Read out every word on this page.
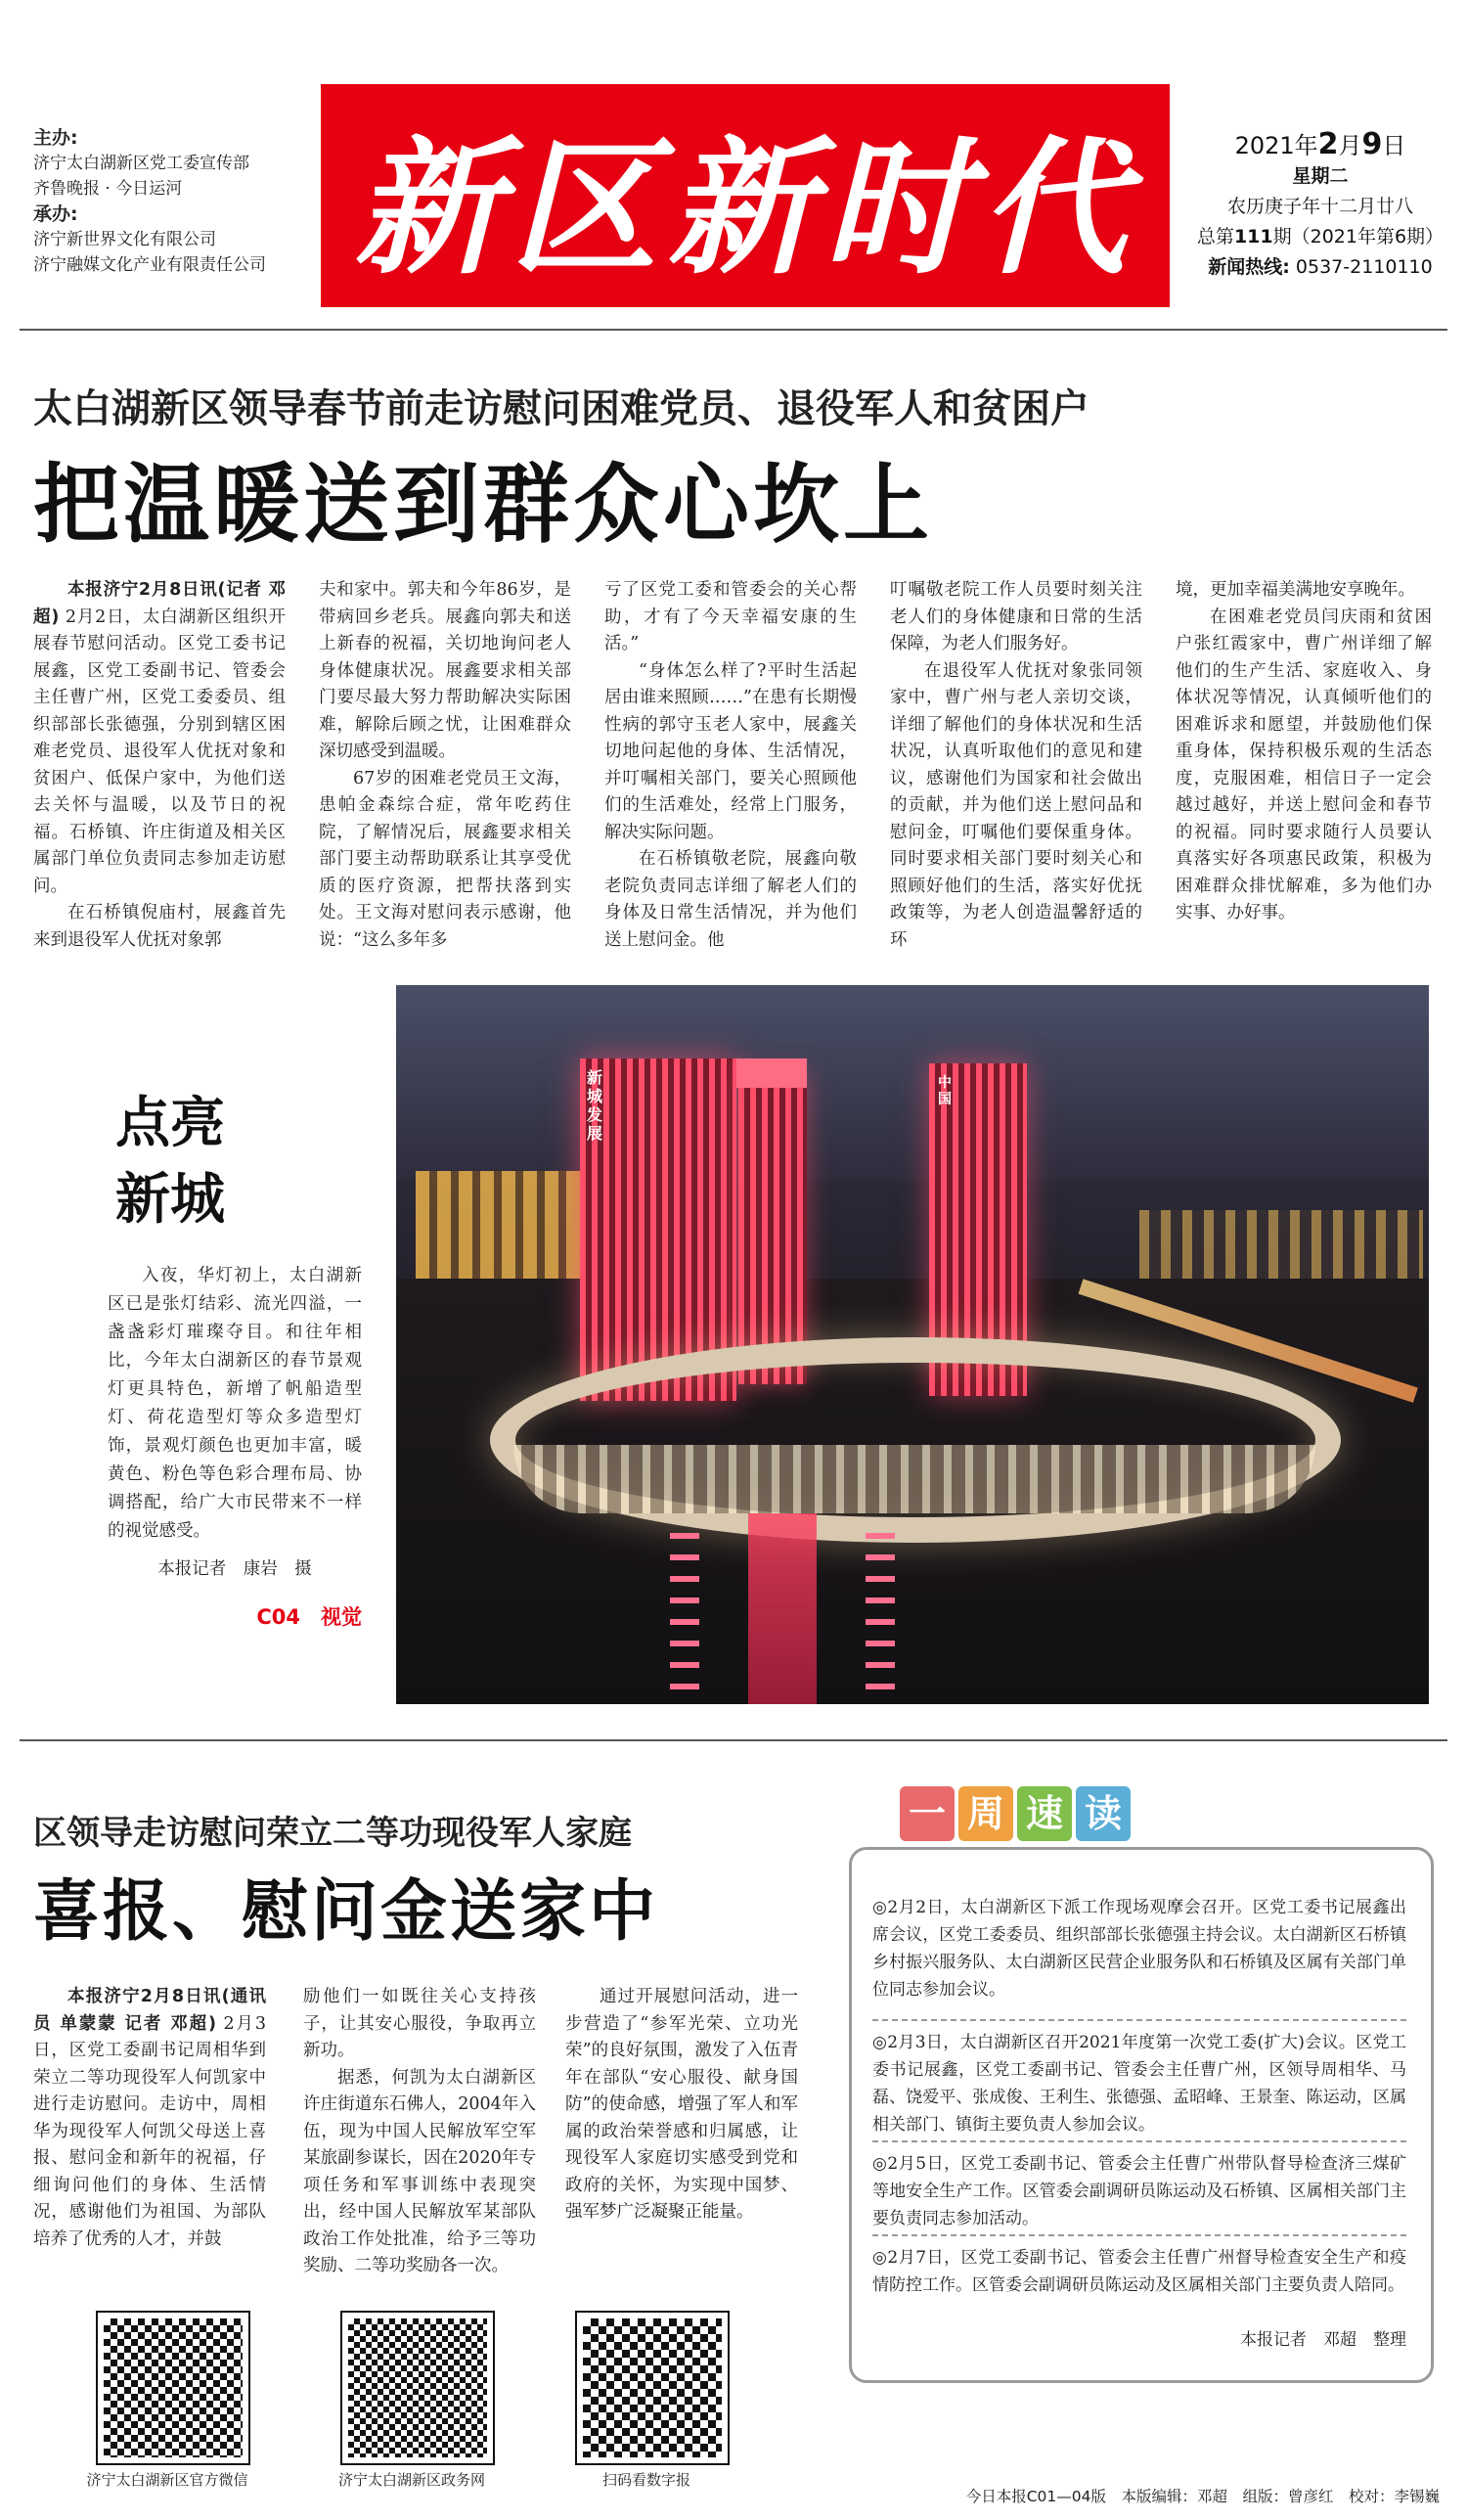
主办:
济宁太白湖新区党工委宣传部
齐鲁晚报 · 今日运河
承办:
济宁新世界文化有限公司
济宁融媒文化产业有限责任公司 新区新时代	2021年2月9日
星期二
农历庚子年十二月廿八
总第111期（2021年第6期）
新闻热线: 0537-2110110
太白湖新区领导春节前走访慰问困难党员、退役军人和贫困户
把温暖送到群众心坎上

本报济宁2月8日讯(记者 邓超) 2月2日，太白湖新区组织开展春节慰问活动。区党工委书记展鑫，区党工委副书记、管委会主任曹广州，区党工委委员、组织部部长张德强，分别到辖区困难老党员、退役军人优抚对象和贫困户、低保户家中，为他们送去关怀与温暖，以及节日的祝福。石桥镇、许庄街道及相关区属部门单位负责同志参加走访慰问。

在石桥镇倪庙村，展鑫首先来到退役军人优抚对象郭

夫和家中。郭夫和今年86岁，是带病回乡老兵。展鑫向郭夫和送上新春的祝福，关切地询问老人身体健康状况。展鑫要求相关部门要尽最大努力帮助解决实际困难，解除后顾之忧，让困难群众深切感受到温暖。

67岁的困难老党员王文海，患帕金森综合症，常年吃药住院，了解情况后，展鑫要求相关部门要主动帮助联系让其享受优质的医疗资源，把帮扶落到实处。王文海对慰问表示感谢，他说：“这么多年多

亏了区党工委和管委会的关心帮助，才有了今天幸福安康的生活。”

“身体怎么样了?平时生活起居由谁来照顾……”在患有长期慢性病的郭守玉老人家中，展鑫关切地问起他的身体、生活情况，并叮嘱相关部门，要关心照顾他们的生活难处，经常上门服务，解决实际问题。

在石桥镇敬老院，展鑫向敬老院负责同志详细了解老人们的身体及日常生活情况，并为他们送上慰问金。他

叮嘱敬老院工作人员要时刻关注老人们的身体健康和日常的生活保障，为老人们服务好。

在退役军人优抚对象张同领家中，曹广州与老人亲切交谈，详细了解他们的身体状况和生活状况，认真听取他们的意见和建议，感谢他们为国家和社会做出的贡献，并为他们送上慰问品和慰问金，叮嘱他们要保重身体。同时要求相关部门要时刻关心和照顾好他们的生活，落实好优抚政策等，为老人创造温馨舒适的环

境，更加幸福美满地安享晚年。

在困难老党员闫庆雨和贫困户张红霞家中，曹广州详细了解他们的生产生活、家庭收入、身体状况等情况，认真倾听他们的困难诉求和愿望，并鼓励他们保重身体，保持积极乐观的生活态度，克服困难，相信日子一定会越过越好，并送上慰问金和春节的祝福。同时要求随行人员要认真落实好各项惠民政策，积极为困难群众排忧解难，多为他们办实事、办好事。

点亮
新城

入夜，华灯初上，太白湖新区已是张灯结彩、流光四溢，一盏盏彩灯璀璨夺目。和往年相比，今年太白湖新区的春节景观灯更具特色，新增了帆船造型灯、荷花造型灯等众多造型灯饰，景观灯颜色也更加丰富，暖黄色、粉色等色彩合理布局、协调搭配，给广大市民带来不一样的视觉感受。

本报记者　康岩　摄

C04　 视觉

新城发展
中国
区领导走访慰问荣立二等功现役军人家庭
喜报、慰问金送家中

本报济宁2月8日讯(通讯员 单蒙蒙 记者 邓超) 2月3日，区党工委副书记周相华到荣立二等功现役军人何凯家中进行走访慰问。走访中，周相华为现役军人何凯父母送上喜报、慰问金和新年的祝福，仔细询问他们的身体、生活情况，感谢他们为祖国、为部队培养了优秀的人才，并鼓

励他们一如既往关心支持孩子，让其安心服役，争取再立新功。

据悉，何凯为太白湖新区许庄街道东石佛人，2004年入伍，现为中国人民解放军空军某旅副参谋长，因在2020年专项任务和军事训练中表现突出，经中国人民解放军某部队政治工作处批准，给予三等功奖励、二等功奖励各一次。

通过开展慰问活动，进一步营造了“参军光荣、立功光荣”的良好氛围，激发了入伍青年在部队“安心服役、献身国防”的使命感，增强了军人和军属的政治荣誉感和归属感，让现役军人家庭切实感受到党和政府的关怀，为实现中国梦、强军梦广泛凝聚正能量。

济宁太白湖新区官方微信	济宁太白湖新区政务网	扫码看数字报
一 周 速 读
◎2月2日，太白湖新区下派工作现场观摩会召开。区党工委书记展鑫出席会议，区党工委委员、组织部部长张德强主持会议。太白湖新区石桥镇乡村振兴服务队、太白湖新区民营企业服务队和石桥镇及区属有关部门单位同志参加会议。
◎2月3日，太白湖新区召开2021年度第一次党工委(扩大)会议。区党工委书记展鑫，区党工委副书记、管委会主任曹广州，区领导周相华、马磊、饶爱平、张成俊、王利生、张德强、孟昭峰、王景奎、陈运动，区属相关部门、镇街主要负责人参加会议。
◎2月5日，区党工委副书记、管委会主任曹广州带队督导检查济三煤矿等地安全生产工作。区管委会副调研员陈运动及石桥镇、区属相关部门主要负责同志参加活动。
◎2月7日，区党工委副书记、管委会主任曹广州督导检查安全生产和疫情防控工作。区管委会副调研员陈运动及区属相关部门主要负责人陪同。
本报记者　邓超　整理
今日本报C01—04版　本版编辑：邓超　组版：曾彦红　校对：李锡巍
